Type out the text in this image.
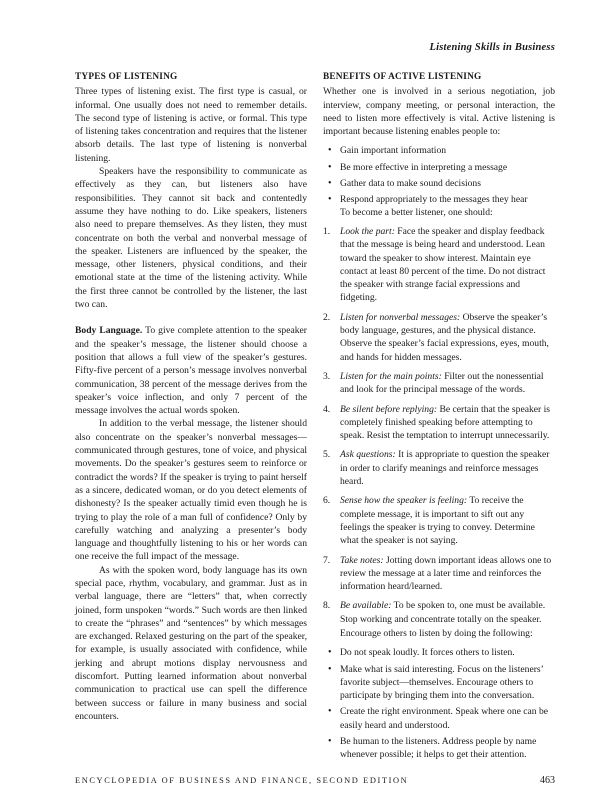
Listening Skills in Business
TYPES OF LISTENING

Three types of listening exist. The first type is casual, or informal. One usually does not need to remember details. The second type of listening is active, or formal. This type of listening takes concentration and requires that the listener absorb details. The last type of listening is nonverbal listening.

Speakers have the responsibility to communicate as effectively as they can, but listeners also have responsibilities. They cannot sit back and contentedly assume they have nothing to do. Like speakers, listeners also need to prepare themselves. As they listen, they must concentrate on both the verbal and nonverbal message of the speaker. Listeners are influenced by the speaker, the message, other listeners, physical conditions, and their emotional state at the time of the listening activity. While the first three cannot be controlled by the listener, the last two can.

Body Language. To give complete attention to the speaker and the speaker’s message, the listener should choose a position that allows a full view of the speaker’s gestures. Fifty-five percent of a person’s message involves nonverbal communication, 38 percent of the message derives from the speaker’s voice inflection, and only 7 percent of the message involves the actual words spoken.

In addition to the verbal message, the listener should also concentrate on the speaker’s nonverbal messages—communicated through gestures, tone of voice, and physical movements. Do the speaker’s gestures seem to reinforce or contradict the words? If the speaker is trying to paint herself as a sincere, dedicated woman, or do you detect elements of dishonesty? Is the speaker actually timid even though he is trying to play the role of a man full of confidence? Only by carefully watching and analyzing a presenter’s body language and thoughtfully listening to his or her words can one receive the full impact of the message.

As with the spoken word, body language has its own special pace, rhythm, vocabulary, and grammar. Just as in verbal language, there are “letters” that, when correctly joined, form unspoken “words.” Such words are then linked to create the “phrases” and “sentences” by which messages are exchanged. Relaxed gesturing on the part of the speaker, for example, is usually associated with confidence, while jerking and abrupt motions display nervousness and discomfort. Putting learned information about nonverbal communication to practical use can spell the difference between success or failure in many business and social encounters.

BENEFITS OF ACTIVE LISTENING

Whether one is involved in a serious negotiation, job interview, company meeting, or personal interaction, the need to listen more effectively is vital. Active listening is important because listening enables people to:

• Gain important information
• Be more effective in interpreting a message
• Gather data to make sound decisions
• Respond appropriately to the messages they hear
To become a better listener, one should:
1. Look the part: Face the speaker and display feedback that the message is being heard and understood. Lean toward the speaker to show interest. Maintain eye contact at least 80 percent of the time. Do not distract the speaker with strange facial expressions and fidgeting.
2. Listen for nonverbal messages: Observe the speaker’s body language, gestures, and the physical distance. Observe the speaker’s facial expressions, eyes, mouth, and hands for hidden messages.
3. Listen for the main points: Filter out the nonessential and look for the principal message of the words.
4. Be silent before replying: Be certain that the speaker is completely finished speaking before attempting to speak. Resist the temptation to interrupt unnecessarily.
5. Ask questions: It is appropriate to question the speaker in order to clarify meanings and reinforce messages heard.
6. Sense how the speaker is feeling: To receive the complete message, it is important to sift out any feelings the speaker is trying to convey. Determine what the speaker is not saying.
7. Take notes: Jotting down important ideas allows one to review the message at a later time and reinforces the information heard/learned.
8. Be available: To be spoken to, one must be available. Stop working and concentrate totally on the speaker.
Encourage others to listen by doing the following:
• Do not speak loudly. It forces others to listen.
• Make what is said interesting. Focus on the listeners’ favorite subject—themselves. Encourage others to participate by bringing them into the conversation.
• Create the right environment. Speak where one can be easily heard and understood.
• Be human to the listeners. Address people by name whenever possible; it helps to get their attention.
ENCYCLOPEDIA OF BUSINESS AND FINANCE, SECOND EDITION	463
